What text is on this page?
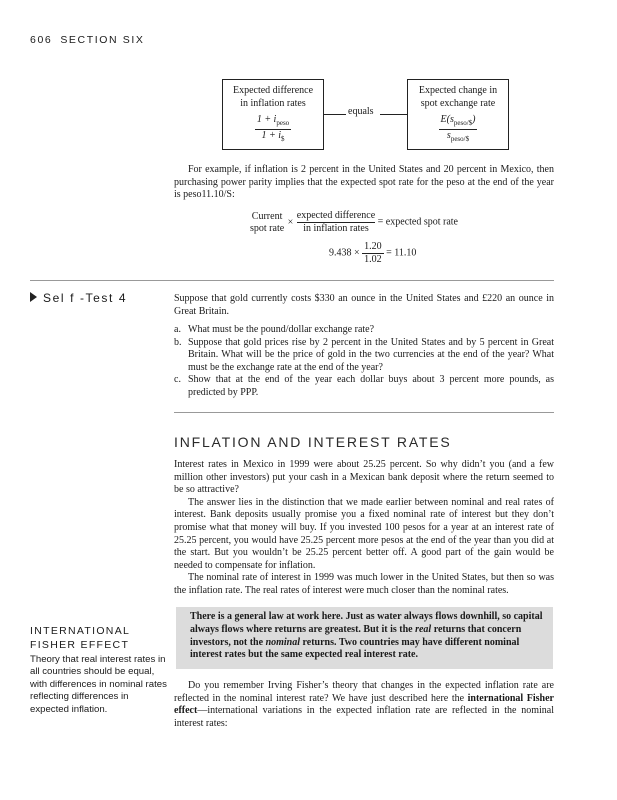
606 SECTION SIX
Expected difference
in inflation rates
$\frac{1 + i_{peso}}{1 + i_{\$}}$
equals
Expected change in
spot exchange rate
$\frac{E(s_{peso/\$})}{s_{peso/\$}}$

For example, if inflation is 2 percent in the United States and 20 percent in Mexico, then purchasing power parity implies that the expected spot rate for the peso at the end of the year is peso11.10/S:

Current
spot rate
×
expected difference
in inflation rates
= expected spot rate
$9.438 \times \frac{1.20}{1.02} = 11.10$
Sel f -Test 4	Suppose that gold currently costs $330 an ounce in the United States and £220 an ounce in Great Britain.

a. What must be the pound/dollar exchange rate?
b. Suppose that gold prices rise by 2 percent in the United States and by 5 percent in Great Britain. What will be the price of gold in the two currencies at the end of the year? What must be the exchange rate at the end of the year?
c. Show that at the end of the year each dollar buys about 3 percent more pounds, as predicted by PPP.
INFLATION AND INTEREST RATES

Interest rates in Mexico in 1999 were about 25.25 percent. So why didn’t you (and a few million other investors) put your cash in a Mexican bank deposit where the return seemed to be so attractive?

The answer lies in the distinction that we made earlier between nominal and real rates of interest. Bank deposits usually promise you a fixed nominal rate of interest but they don’t promise what that money will buy. If you invested 100 pesos for a year at an interest rate of 25.25 percent, you would have 25.25 percent more pesos at the end of the year than you did at the start. But you wouldn’t be 25.25 percent better off. A good part of the gain would be needed to compensate for inflation.

The nominal rate of interest in 1999 was much lower in the United States, but then so was the inflation rate. The real rates of interest were much closer than the nominal rates.

There is a general law at work here. Just as water always flows downhill, so capital always flows where returns are greatest. But it is the real returns that concern investors, not the nominal returns. Two countries may have different nominal interest rates but the same expected real interest rate.

Do you remember Irving Fisher’s theory that changes in the expected inflation rate are reflected in the nominal interest rate? We have just described here the international Fisher effect—international variations in the expected inflation rate are reflected in the nominal interest rates:

INTERNATIONAL
FISHER EFFECT
Theory that real interest rates in all countries should be equal, with differences in nominal rates reflecting differences in expected inflation.
